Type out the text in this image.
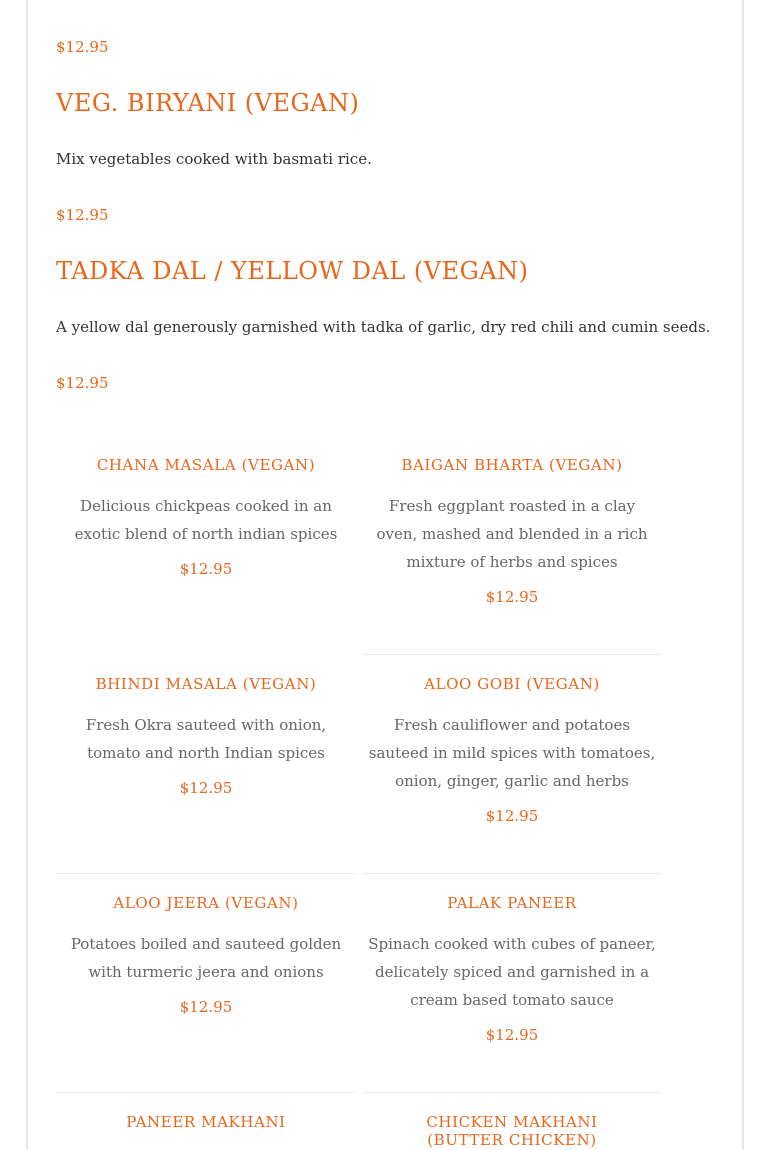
$12.95
VEG. BIRYANI (VEGAN)
Mix vegetables cooked with basmati rice.
$12.95
TADKA DAL / YELLOW DAL (VEGAN)
A yellow dal generously garnished with tadka of garlic, dry red chili and cumin seeds.
$12.95
CHANA MASALA (VEGAN)
Delicious chickpeas cooked in an exotic blend of north indian spices
$12.95
BAIGAN BHARTA (VEGAN)
Fresh eggplant roasted in a clay oven, mashed and blended in a rich mixture of herbs and spices
$12.95
BHINDI MASALA (VEGAN)
Fresh Okra sauteed with onion, tomato and north Indian spices
$12.95
ALOO GOBI (VEGAN)
Fresh cauliflower and potatoes sauteed in mild spices with tomatoes, onion, ginger, garlic and herbs
$12.95
ALOO JEERA (VEGAN)
Potatoes boiled and sauteed golden with turmeric jeera and onions
$12.95
PALAK PANEER
Spinach cooked with cubes of paneer, delicately spiced and garnished in a cream based tomato sauce
$12.95
PANEER MAKHANI	CHICKEN MAKHANI (BUTTER CHICKEN)
